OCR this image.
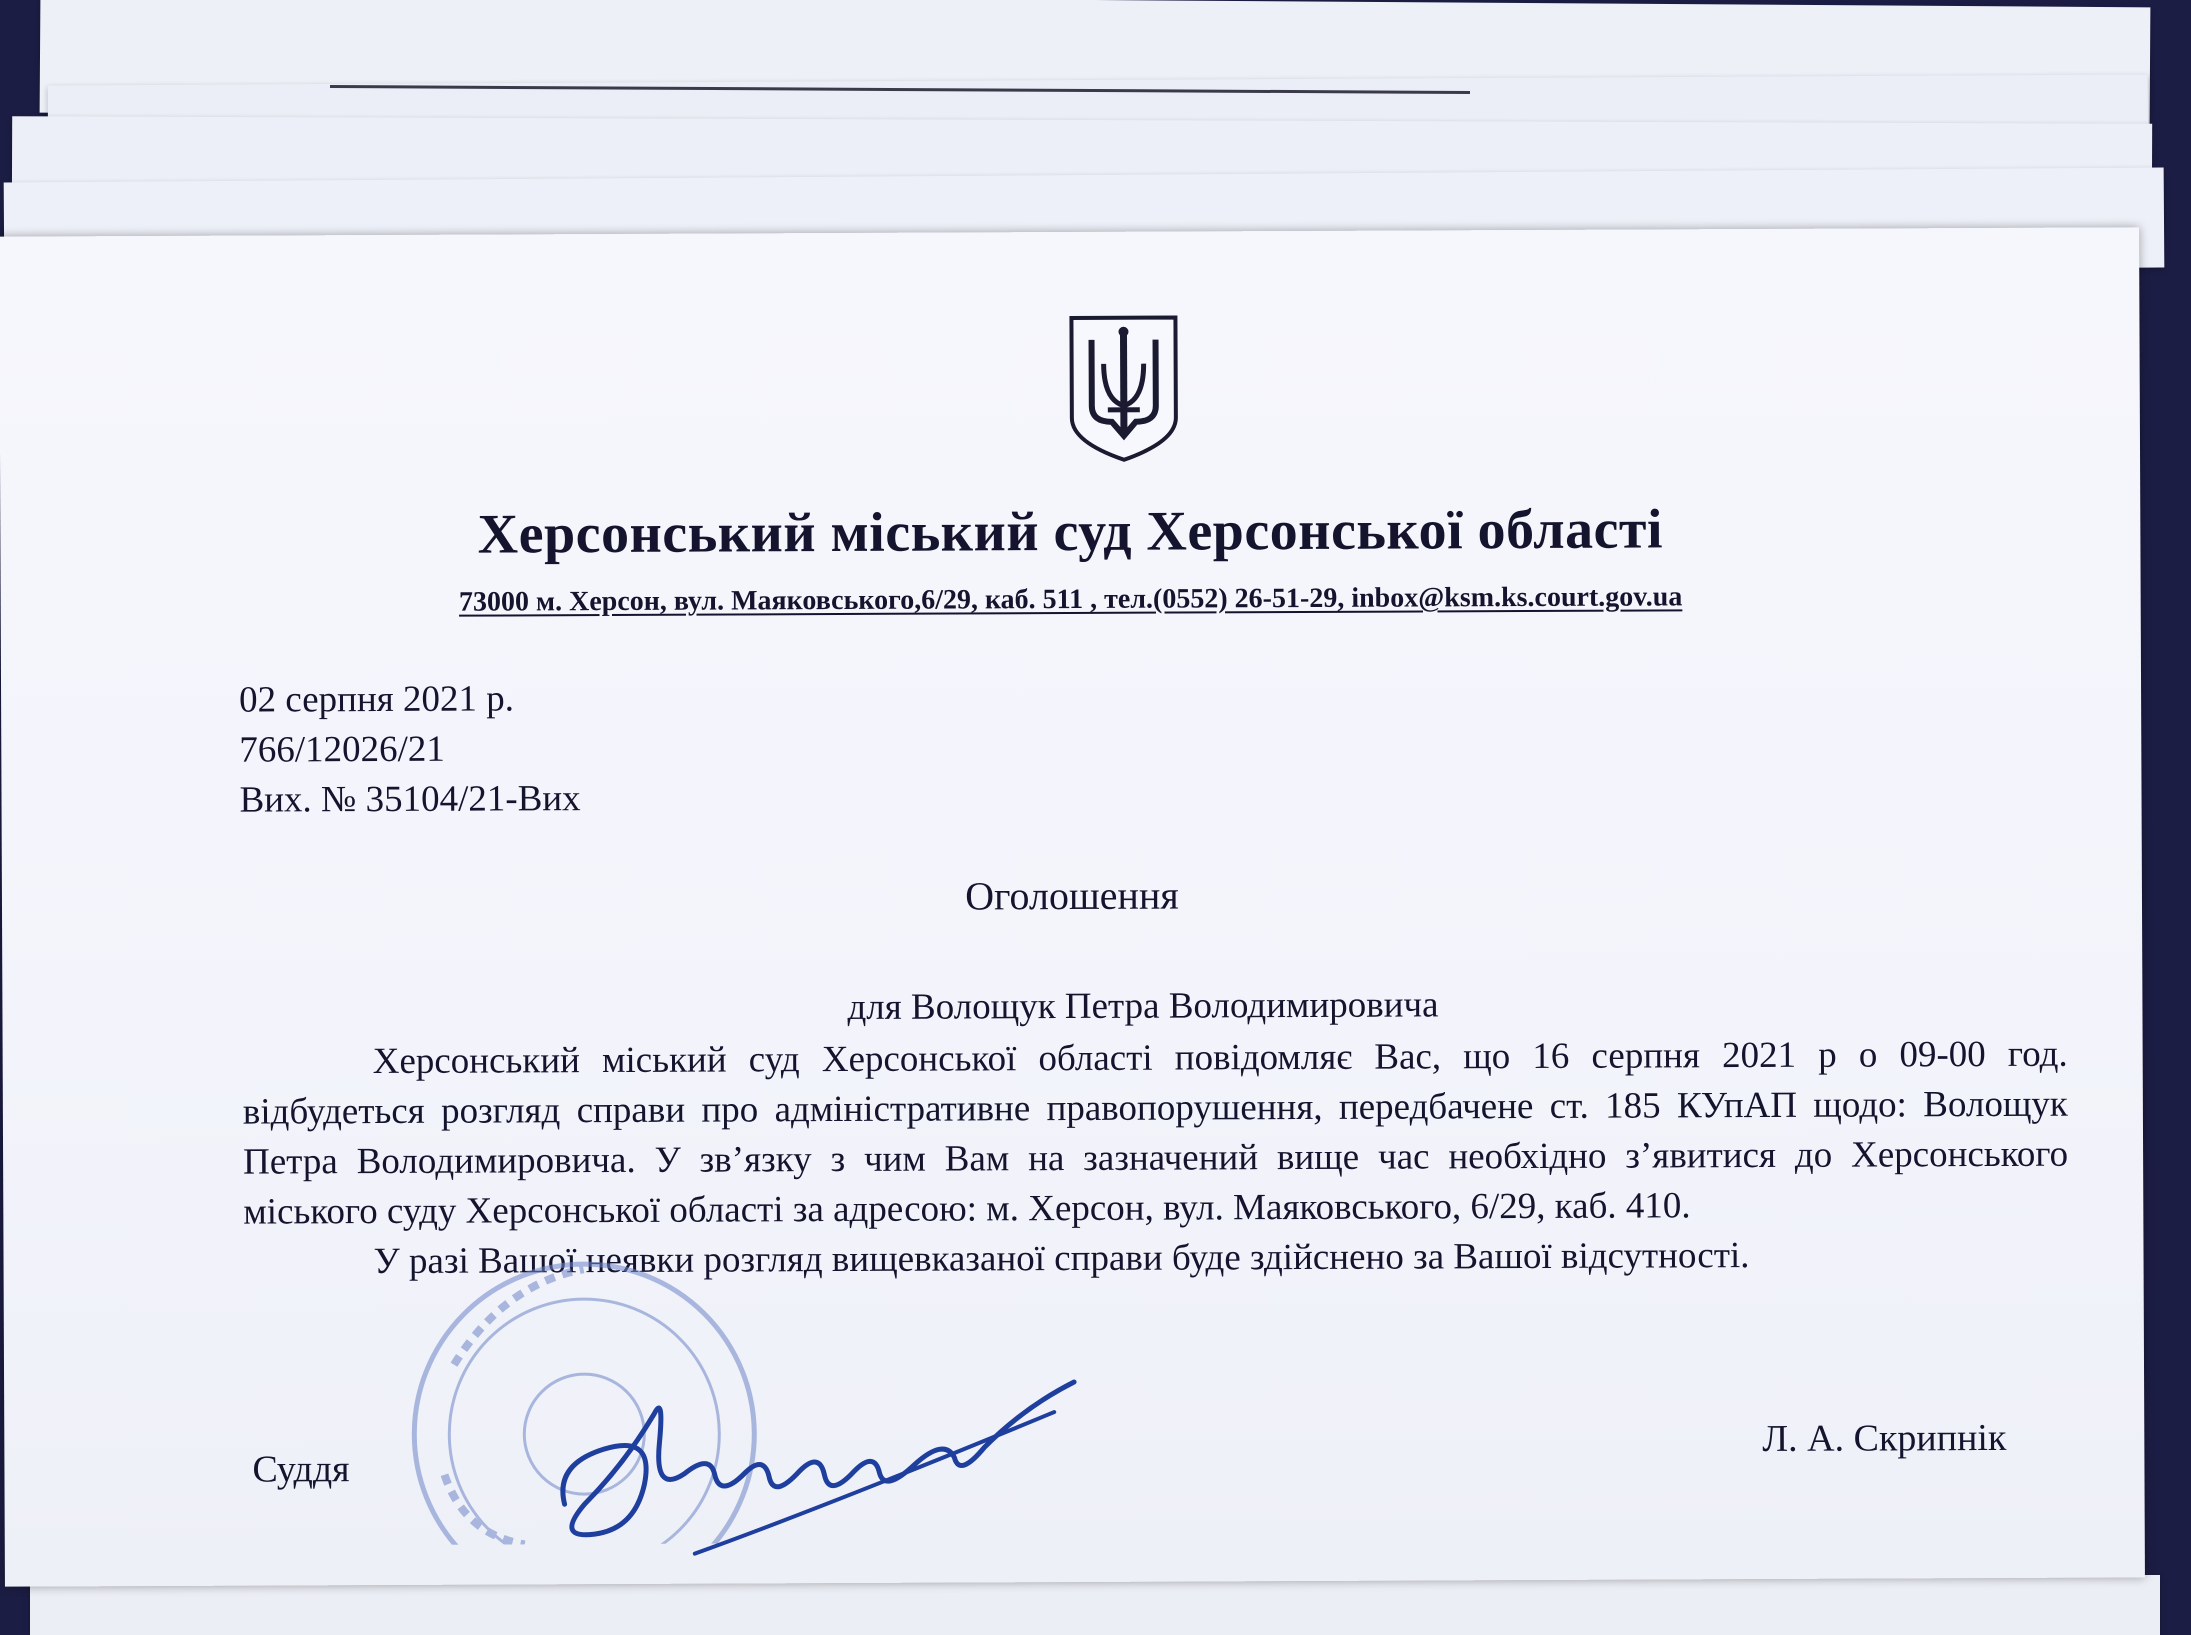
Херсонський міський суд Херсонської області
73000 м. Херсон, вул. Маяковського,6/29, каб. 511 , тел.(0552) 26-51-29, inbox@ksm.ks.court.gov.ua
02 серпня 2021 р.
766/12026/21
Вих. № 35104/21-Вих
Оголошення
для Волощук Петра Володимировича

Херсонський міський суд Херсонської області повідомляє Вас, що 16 серпня 2021 р о 09-00 год. відбудеться розгляд справи про адміністративне правопорушення, передбачене ст. 185 КУпАП щодо: Волощук Петра Володимировича. У зв’язку з чим Вам на зазначений вище час необхідно з’явитися до Херсонського міського суду Херсонської області за адресою: м. Херсон, вул. Маяковського, 6/29, каб. 410.

У разі Вашої неявки розгляд вищевказаної справи буде здійснено за Вашої відсутності.

Суддя
Л. А. Скрипнік
